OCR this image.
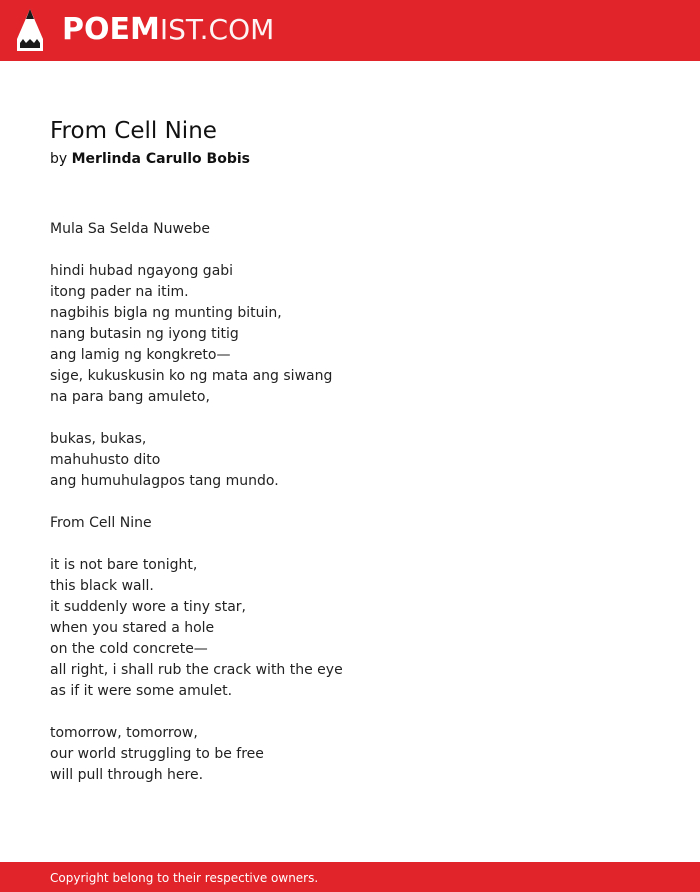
POEMIST.COM
From Cell Nine
by Merlinda Carullo Bobis
Mula Sa Selda Nuwebe
hindi hubad ngayong gabi
itong pader na itim.
nagbihis bigla ng munting bituin,
nang butasin ng iyong titig
ang lamig ng kongkreto—
sige, kukuskusin ko ng mata ang siwang
na para bang amuleto,
bukas, bukas,
mahuhusto dito
ang humuhulagpos tang mundo.
From Cell Nine
it is not bare tonight,
this black wall.
it suddenly wore a tiny star,
when you stared a hole
on the cold concrete—
all right, i shall rub the crack with the eye
as if it were some amulet.
tomorrow, tomorrow,
our world struggling to be free
will pull through here.
Copyright belong to their respective owners.
